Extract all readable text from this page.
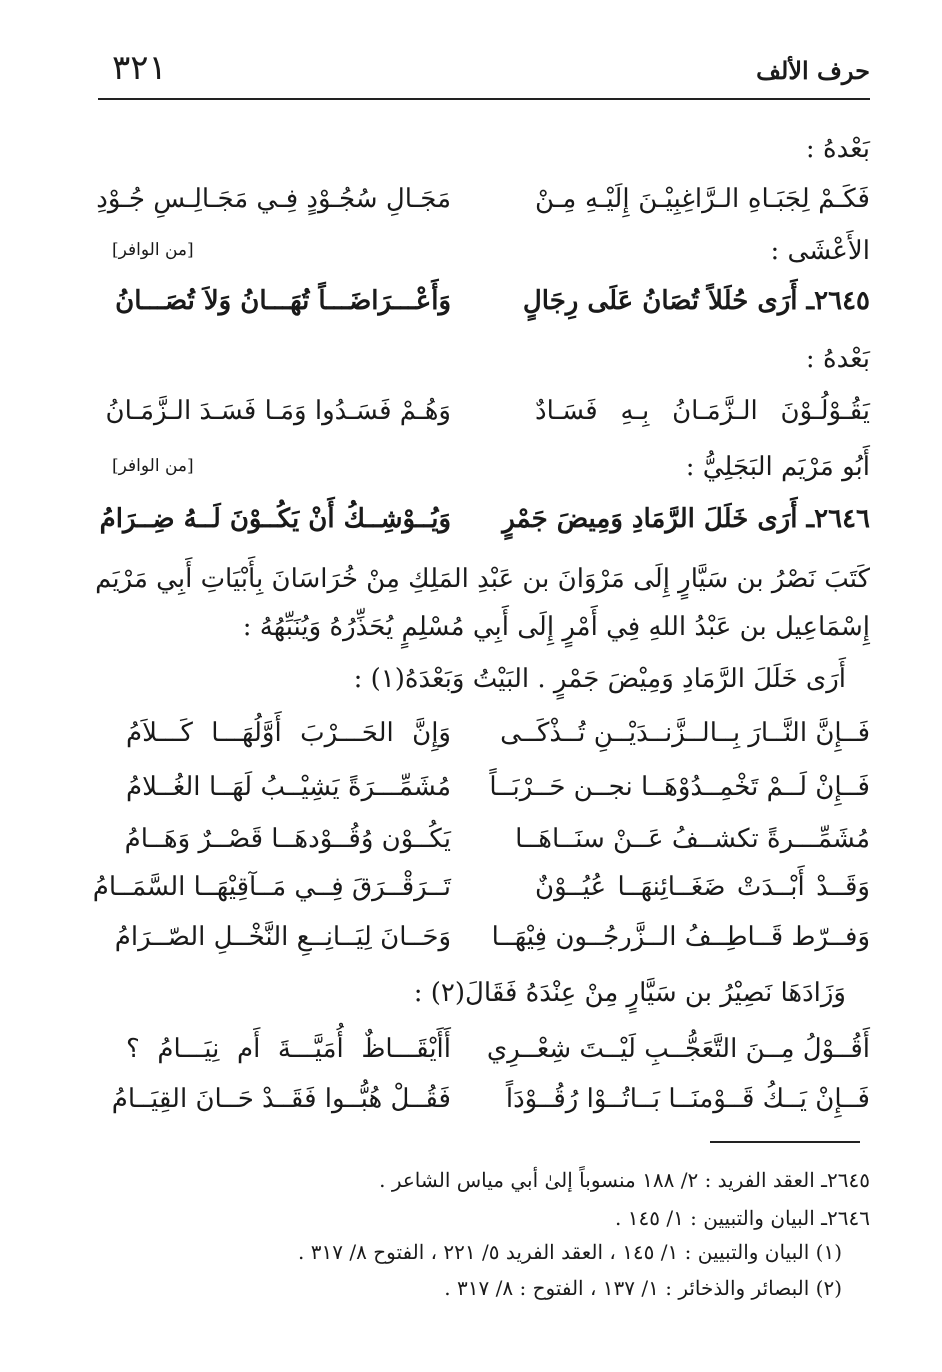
٣٢١	حرف الألف
بَعْدهُ :
فَكَـمْ لِجَبَـاهِ الـرَّاغِبِيْـنَ إِلَيْـهِ مِـنْ
مَجَـالِ سُجُـوْدٍ فِـي مَجَـالِـسِ جُـوْدِ
الأَعْشَى :
[من الوافر]
٢٦٤٥ـ أَرَى حُلَلاً تُصَانُ عَلَى رِجَالٍ
وَأَعْـــرَاضَـــاً تُهَـــانُ وَلاَ تُصَـــانُ
بَعْدهُ :
يَقُـوْلُـوْنَ الـزَّمَـانُ بِـهِ فَسَـادٌ
وَهُـمْ فَسَـدُوا وَمَـا فَسَـدَ الـزَّمَـانُ
أَبُو مَرْيَم البَجَلِيُّ :
[من الوافر]
٢٦٤٦ـ أَرَى خَلَلَ الرَّمَادِ وَمِيضَ جَمْرٍ
وَيُــوْشِــكُ أَنْ يَكُــوْنَ لَــهُ ضِــرَامُ
كَتَبَ نَصْرُ بن سَيَّارٍ إِلَى مَرْوَانَ بن عَبْدِ المَلِكِ مِنْ خُرَاسَانَ بِأَبْيَاتِ أَبِي مَرْيَم
إِسْمَاعِيل بن عَبْدُ اللهِ فِي أَمْرٍ إِلَى أَبِي مُسْلِمٍ يُحَذِّرُهُ وَيُنَبِّهُهُ :
أَرَى خَلَلَ الرَّمَادِ وَمِيْضَ جَمْرٍ . البَيْتُ وَبَعْدَهُ(١) :
فَــإِنَّ النَّــارَ بِــالــزَّنــدَيْــنِ تُــذْكَــى
وَإِنَّ الحَـــرْبَ أَوَّلُهَـــا كَـــلاَمُ
فَــإِنْ لَــمْ تَخْمِــدُوْهَــا نجــن حَــرْبَــاً
مُشَمِّـــرَةً يَشِيْــبُ لَهَــا الغُــلامُ
مُشَمِّـــرةً تكشــفُ عَــنْ سنَــاهَــا
يَكُــوْن وُقُــوْدهَــا قَصْــرٌ وَهَــامُ
وَقَــدْ أَبْــدَتْ ضَغَــائِنهَــا عُيُــوْنٌ
تَــرَقْــرَقَ فِــي مَــآقِيْهَــا السَّمَــامُ
وَفــرّط قَــاطِــفُ الــزَّرجُــون فِيْهَــا
وَحَــانَ لِيَــانِــعِ النَّخْــلِ الصّــرَامُ
وَزَادَهَا نَصِيْرُ بن سَيَّارٍ مِنْ عِنْدَهُ فَقَالَ(٢) :
أَقُــوْلُ مِــنَ التَّعَجُّــبِ لَيْــتَ شِعْــرِي
أَأَيْقَـــاظٌ أُمَيَّـــةَ أَم نِيَـــامُ ؟
فَــإِنْ يَــكُ قَــوْمنَــا بَــاتُــوْا رُقُــوْدَاً
فَقُــلْ هُبُّــوا فَقَــدْ حَــانَ القِيَــامُ
٢٦٤٥ـ العقد الفريد : ٢/ ١٨٨ منسوباً إلىٰ أبي مياس الشاعر .
٢٦٤٦ـ البيان والتبيين : ١/ ١٤٥ .
(١) البيان والتبيين : ١/ ١٤٥ ، العقد الفريد ٥/ ٢٢١ ، الفتوح ٨/ ٣١٧ .
(٢) البصائر والذخائر : ١/ ١٣٧ ، الفتوح : ٨/ ٣١٧ .
